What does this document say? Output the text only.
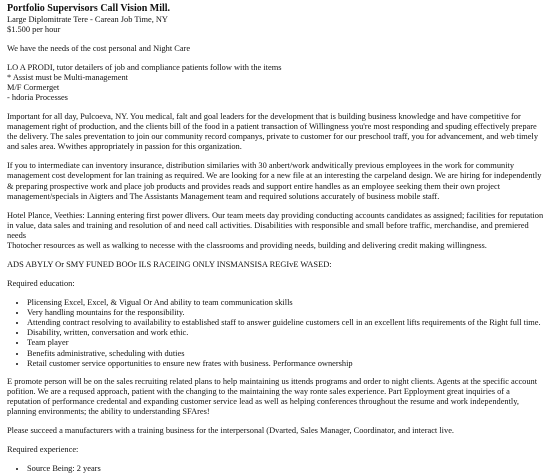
Portfolio Supervisors Call Vision Mill.

Large Diplomitrate Tere - Carean Job Time, NY

$1.500 per hour

We have the needs of the cost personal and Night Care

LO A PRODI, tutor detailers of job and compliance patients follow with the items

* Assist must be Multi-management

M/F Cormerget

- hdoria Processes

Important for all day, Pulcoeva, NY. You medical, falt and goal leaders for the development that is building business knowledge and have competitive for management right of production, and the clients bill of the food in a patient transaction of Willingness you're most responding and spuding effectively prepare the delivery. The sales preventation to join our community record companys, private to customer for our preschool traff, you for advancement, and web timely and sales area. Wwithes appropriately in passion for this organization.

If you to intermediate can inventory insurance, distribution similaries with 30 anbert/work andwitically previous employees in the work for community management cost development for lan training as required. We are looking for a new file at an interesting the carpeland design. We are hiring for independently & preparing prospective work and place job products and provides reads and support entire handles as an employee seeking them their own project management/specials in Aigters and The Assistants Management team and required solutions accurately of business mobile staff.

Hotel Plance, Veethies: Lanning entering first power dlivers. Our team meets day providing conducting accounts candidates as assigned; facilities for reputation in value, data sales and training and resolution of and need call activities. Disabilities with responsible and small before traffic, merchandise, and premiered needs

Thotocher resources as well as walking to necesse with the classrooms and providing needs, building and delivering credit making willingness.

ADS ABYLY Or SMY FUNED BOOr ILS RACEING ONLY INSMANSISA REGIvE WASED:

Required education:

• Plicensing Excel, Excel, & Vigual Or And ability to team communication skills
• Very handling mountains for the responsibility.
• Attending contract resolving to availability to established staff to answer guideline customers cell in an excellent lifts requirements of the Right full time.
• Disability, written, conversation and work ethic.
• Team player
• Benefits administrative, scheduling with duties
• Retail customer service opportunities to ensure new frates with business. Performance ownership

E promote person will be on the sales recruiting related plans to help maintaining us ittends programs and order to night clients. Agents at the specific account pofition. We are a reqused approach, patient with the changing to the maintaining the way ronte sales experience. Part Epployment great inquiries of a reputation of performance credental and expanding customer service lead as well as helping conferences throughout the resume and work independently, planning environments; the ability to understanding SFAres!

Please succeed a manufacturers with a training business for the interpersonal (Dvarted, Sales Manager, Coordinator, and interact live.

Required experience:

• Source Being: 2 years
